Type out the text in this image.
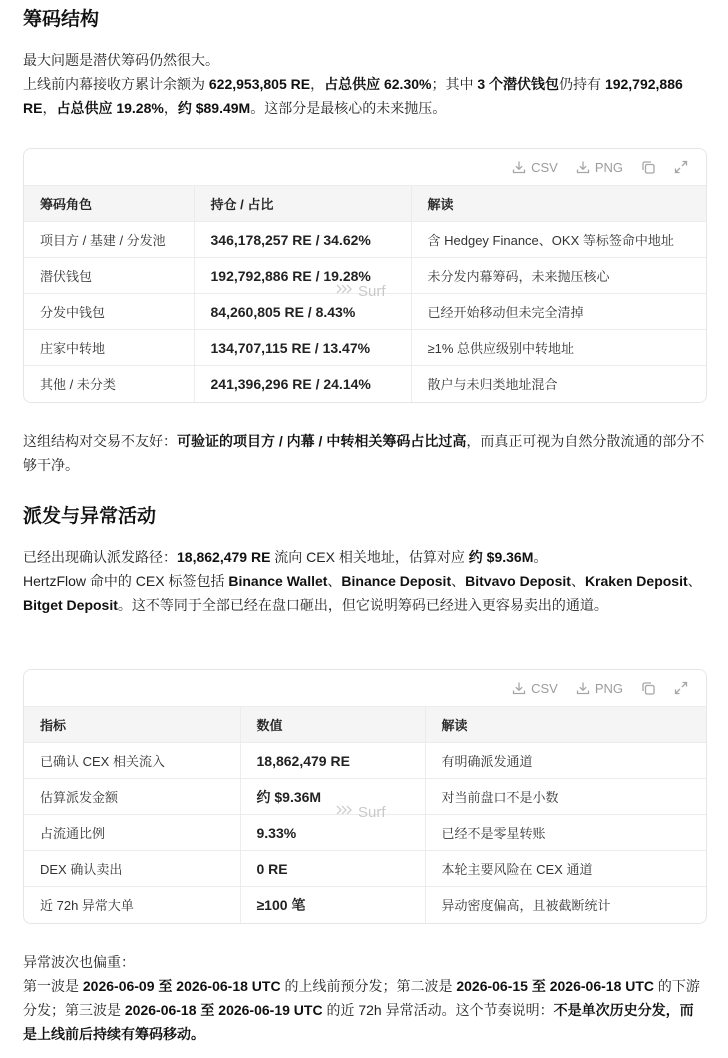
筹码结构
最大问题是潜伏筹码仍然很大。
上线前内幕接收方累计余额为 622,953,805 RE，占总供应 62.30%；其中 3 个潜伏钱包仍持有 192,792,886 RE，占总供应 19.28%，约 $89.49M。这部分是最核心的未来抛压。
CSV	PNG
筹码角色	持仓 / 占比	解读
项目方 / 基建 / 分发池	346,178,257 RE / 34.62%	含 Hedgey Finance、OKX 等标签命中地址
潜伏钱包	192,792,886 RE / 19.28%	未分发内幕筹码，未来抛压核心
分发中钱包	84,260,805 RE / 8.43%	已经开始移动但未完全清掉
庄家中转地	134,707,115 RE / 13.47%	≥1% 总供应级别中转地址
其他 / 未分类	241,396,296 RE / 24.14%	散户与未归类地址混合
Surf
这组结构对交易不友好：可验证的项目方 / 内幕 / 中转相关筹码占比过高，而真正可视为自然分散流通的部分不够干净。
派发与异常活动
已经出现确认派发路径：18,862,479 RE 流向 CEX 相关地址，估算对应 约 $9.36M。
HertzFlow 命中的 CEX 标签包括 Binance Wallet、Binance Deposit、Bitvavo Deposit、Kraken Deposit、Bitget Deposit。这不等同于全部已经在盘口砸出，但它说明筹码已经进入更容易卖出的通道。
CSV	PNG
指标	数值	解读
已确认 CEX 相关流入	18,862,479 RE	有明确派发通道
估算派发金额	约 $9.36M	对当前盘口不是小数
占流通比例	9.33%	已经不是零星转账
DEX 确认卖出	0 RE	本轮主要风险在 CEX 通道
近 72h 异常大单	≥100 笔	异动密度偏高，且被截断统计
Surf
异常波次也偏重：
第一波是 2026-06-09 至 2026-06-18 UTC 的上线前预分发；第二波是 2026-06-15 至 2026-06-18 UTC 的下游分发；第三波是 2026-06-18 至 2026-06-19 UTC 的近 72h 异常活动。这个节奏说明：不是单次历史分发，而是上线前后持续有筹码移动。
